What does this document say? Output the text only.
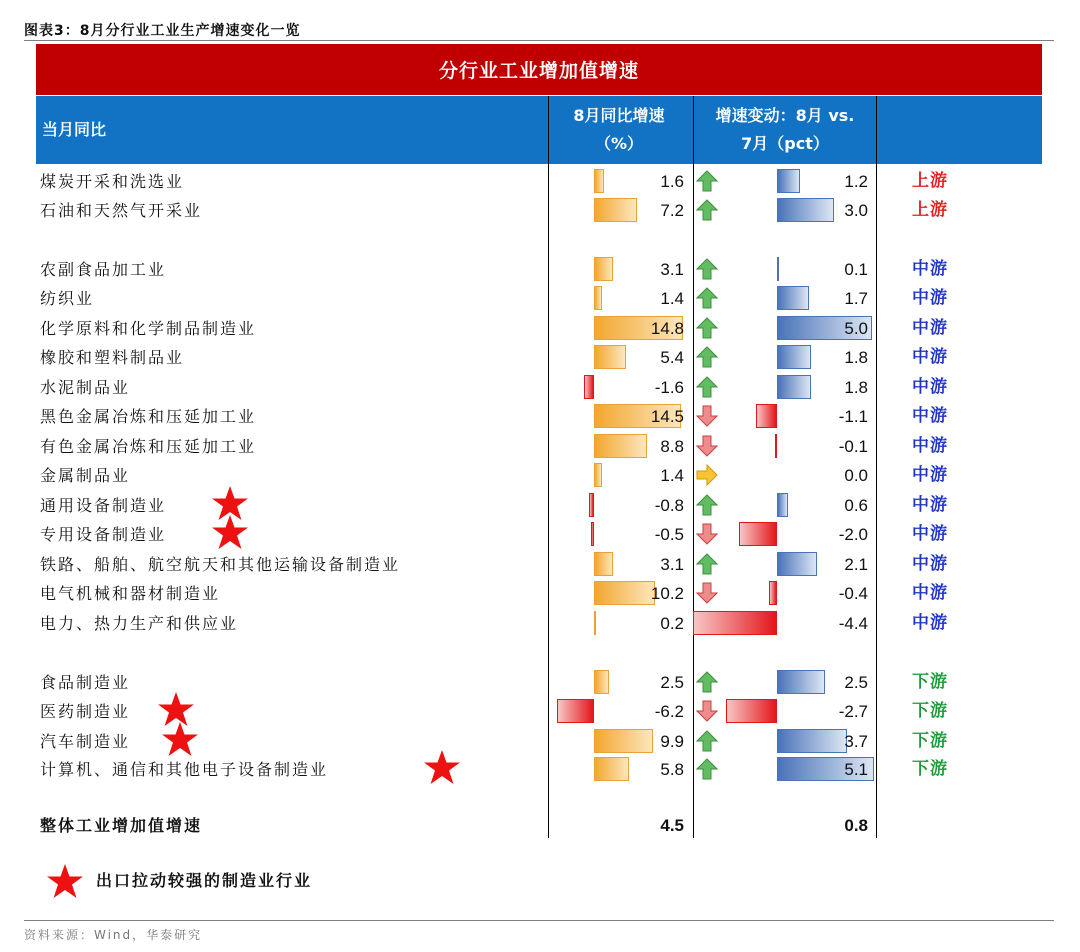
图表3：8月分行业工业生产增速变化一览
分行业工业增加值增速
当月同比
8月同比增速
（%）
增速变动：8月 vs.
7月（pct）
煤炭开采和洗选业	1.6	1.2	上游
石油和天然气开采业	7.2	3.0	上游
农副食品加工业	3.1	0.1	中游
纺织业	1.4	1.7	中游
化学原料和化学制品制造业	14.8	5.0	中游
橡胶和塑料制品业	5.4	1.8	中游
水泥制品业	-1.6	1.8	中游
黑色金属冶炼和压延加工业	14.5	-1.1	中游
有色金属冶炼和压延加工业	8.8	-0.1	中游
金属制品业	1.4	0.0	中游
通用设备制造业	-0.8	0.6	中游
专用设备制造业	-0.5	-2.0	中游
铁路、船舶、航空航天和其他运输设备制造业	3.1	2.1	中游
电气机械和器材制造业	10.2	-0.4	中游
电力、热力生产和供应业	0.2	-4.4	中游
食品制造业	2.5	2.5	下游
医药制造业	-6.2	-2.7	下游
汽车制造业	9.9	3.7	下游
计算机、通信和其他电子设备制造业	5.8	5.1	下游
整体工业增加值增速	4.5	0.8
出口拉动较强的制造业行业
资料来源：Wind，华泰研究
